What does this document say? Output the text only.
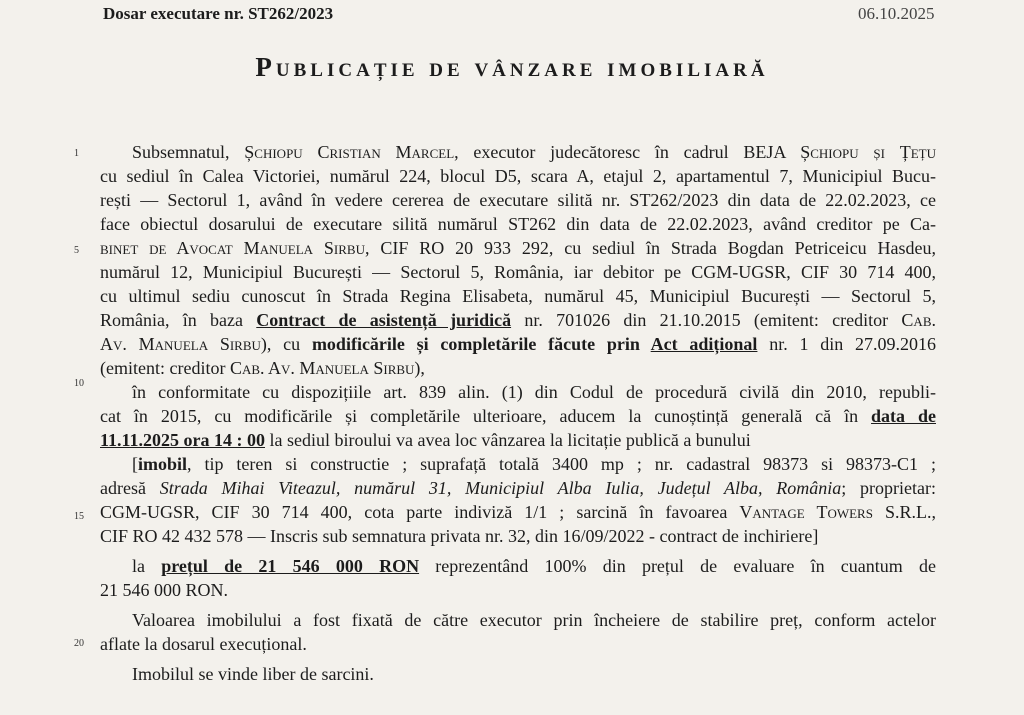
Dosar executare nr. ST262/2023	06.10.2025
Publicație de vânzare imobiliară
1
5
10
15
20
Subsemnatul, Șchiopu Cristian Marcel, executor judecătoresc în cadrul BEJA Șchiopu și Țețu
cu sediul în Calea Victoriei, numărul 224, blocul D5, scara A, etajul 2, apartamentul 7, Municipiul Bucu-
rești — Sectorul 1, având în vedere cererea de executare silită nr. ST262/2023 din data de 22.02.2023, ce
face obiectul dosarului de executare silită numărul ST262 din data de 22.02.2023, având creditor pe Ca-
binet de Avocat Manuela Sirbu, CIF RO 20 933 292, cu sediul în Strada Bogdan Petriceicu Hasdeu,
numărul 12, Municipiul București — Sectorul 5, România, iar debitor pe CGM-UGSR, CIF 30 714 400,
cu ultimul sediu cunoscut în Strada Regina Elisabeta, numărul 45, Municipiul București — Sectorul 5,
România, în baza Contract de asistență juridică nr. 701026 din 21.10.2015 (emitent: creditor Cab.
Av. Manuela Sirbu), cu modificările și completările făcute prin Act adițional nr. 1 din 27.09.2016
(emitent: creditor Cab. Av. Manuela Sirbu),
în conformitate cu dispozițiile art. 839 alin. (1) din Codul de procedură civilă din 2010, republi-
cat în 2015, cu modificările și completările ulterioare, aducem la cunoștință generală că în data de
11.11.2025 ora 14 : 00 la sediul biroului va avea loc vânzarea la licitație publică a bunului
[imobil, tip teren si constructie ; suprafață totală 3400 mp ; nr. cadastral 98373 si 98373-C1 ;
adresă Strada Mihai Viteazul, numărul 31, Municipiul Alba Iulia, Județul Alba, România; proprietar:
CGM-UGSR, CIF 30 714 400, cota parte indiviză 1/1 ; sarcină în favoarea Vantage Towers S.R.L.,
CIF RO 42 432 578 — Inscris sub semnatura privata nr. 32, din 16/09/2022 - contract de inchiriere]
la prețul de 21 546 000 RON reprezentând 100% din prețul de evaluare în cuantum de
21 546 000 RON.
Valoarea imobilului a fost fixată de către executor prin încheiere de stabilire preț, conform actelor
aflate la dosarul execuțional.
Imobilul se vinde liber de sarcini.
